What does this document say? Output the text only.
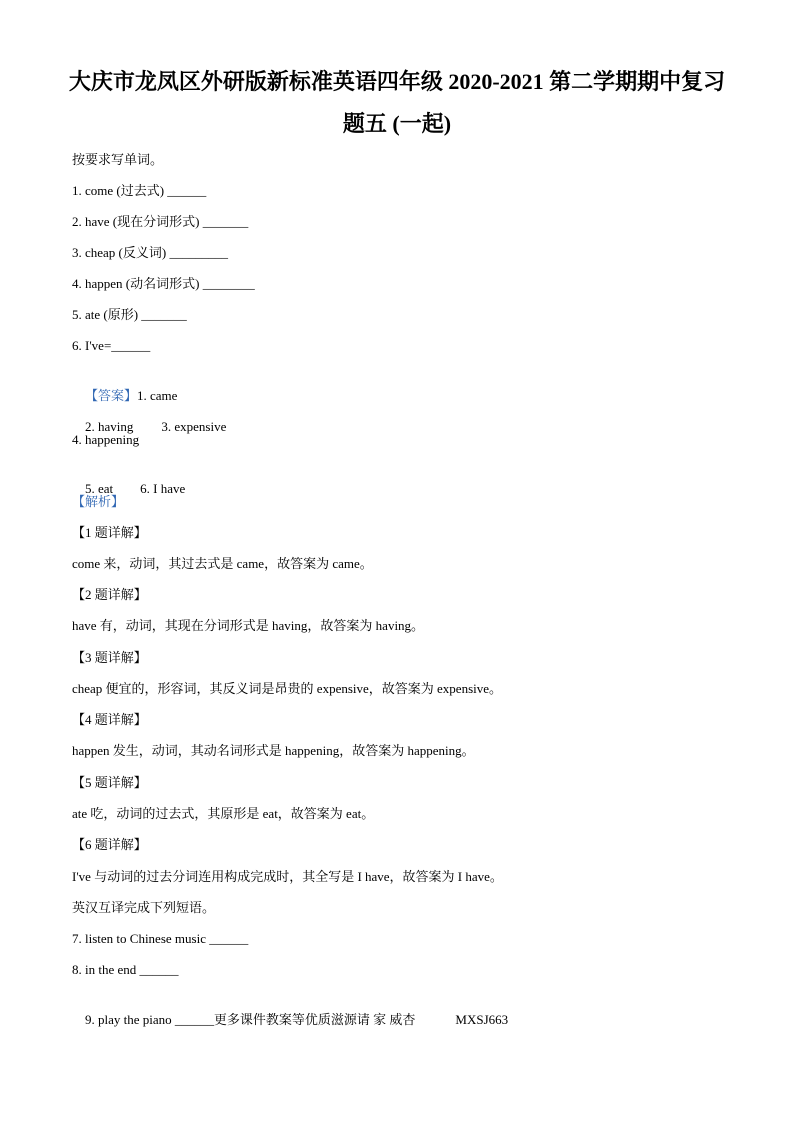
大庆市龙凤区外研版新标准英语四年级 2020-2021 第二学期期中复习
题五 (一起)
按要求写单词。
1. come (过去式) ______
2. have (现在分词形式) _______
3. cheap (反义词) _________
4. happen (动名词形式) ________
5. ate (原形) _______
6. I've=______

【答案】1. came

2. having 3. expensive

4. happening

5. eat 6. I have

【解析】
【1 题详解】
come 来，动词，其过去式是 came，故答案为 came。
【2 题详解】
have 有，动词，其现在分词形式是 having，故答案为 having。
【3 题详解】
cheap 便宜的，形容词，其反义词是昂贵的 expensive，故答案为 expensive。
【4 题详解】
happen 发生，动词，其动名词形式是 happening，故答案为 happening。
【5 题详解】
ate 吃，动词的过去式，其原形是 eat，故答案为 eat。
【6 题详解】
I've 与动词的过去分词连用构成完成时，其全写是 I have，故答案为 I have。
英汉互译完成下列短语。
7. listen to Chinese music ______
8. in the end ______

9. play the piano ______更多课件教案等优质滋源请 家 威杏	MXSJ663
